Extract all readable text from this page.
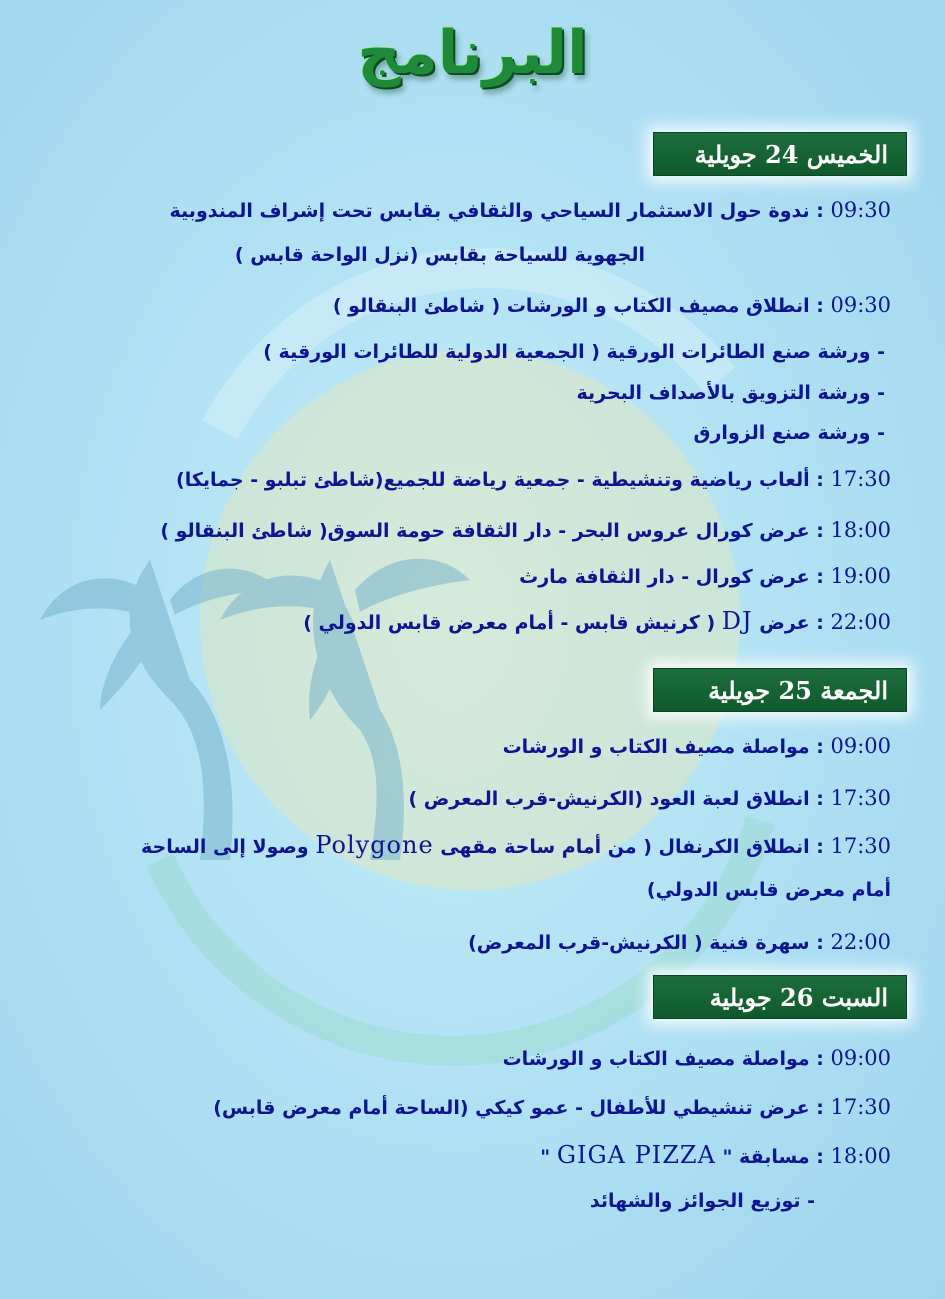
البرنامج
الخميس 24 جويلية
09:30 : ندوة حول الاستثمار السياحي والثقافي بقابس تحت إشراف المندوبية
الجهوية للسياحة بقابس (نزل الواحة قابس )
09:30 : انطلاق مصيف الكتاب و الورشات ( شاطئ البنقالو )
- ورشة صنع الطائرات الورقية ( الجمعية الدولية للطائرات الورقية )
- ورشة التزويق بالأصداف البحرية
- ورشة صنع الزوارق
17:30 : ألعاب رياضية وتنشيطية - جمعية رياضة للجميع(شاطئ تبلبو - جمايكا)
18:00 : عرض كورال عروس البحر - دار الثقافة حومة السوق( شاطئ البنقالو )
19:00 : عرض كورال - دار الثقافة مارث
22:00 : عرض DJ ( كرنيش قابس - أمام معرض قابس الدولي )
الجمعة 25 جويلية
09:00 : مواصلة مصيف الكتاب و الورشات
17:30 : انطلاق لعبة العود (الكرنيش-قرب المعرض )
17:30 : انطلاق الكرنفال ( من أمام ساحة مقهى Polygone وصولا إلى الساحة
أمام معرض قابس الدولي)
22:00 : سهرة فنية ( الكرنيش-قرب المعرض)
السبت 26 جويلية
09:00 : مواصلة مصيف الكتاب و الورشات
17:30 : عرض تنشيطي للأطفال - عمو كيكي (الساحة أمام معرض قابس)
18:00 : مسابقة " GIGA PIZZA "
- توزيع الجوائز والشهائد
